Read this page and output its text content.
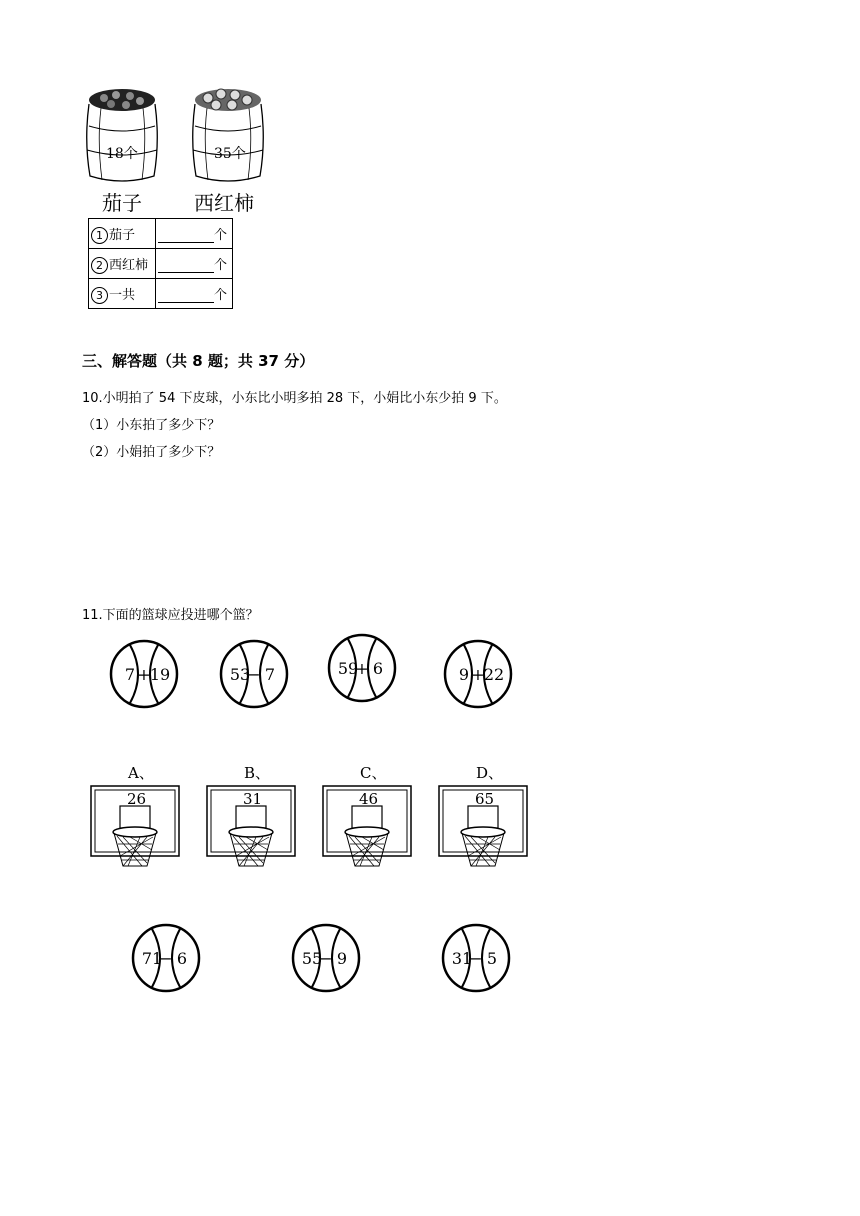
18个
茄子
35个
西红柿
1 茄子	个
2 西红柿	个
3 一共	个
三、解答题（共 8 题；共 37 分）
10.小明拍了 54 下皮球，小东比小明多拍 28 下，小娟比小东少拍 9 下。
（1）小东拍了多少下？
（2）小娟拍了多少下？
11.下面的篮球应投进哪个篮？
7 + 19	53
− 7	59
+ 6	9 + 22
A、
26
B、
31
C、
46
D、
65
71
− 6	55
− 9	31
− 5
